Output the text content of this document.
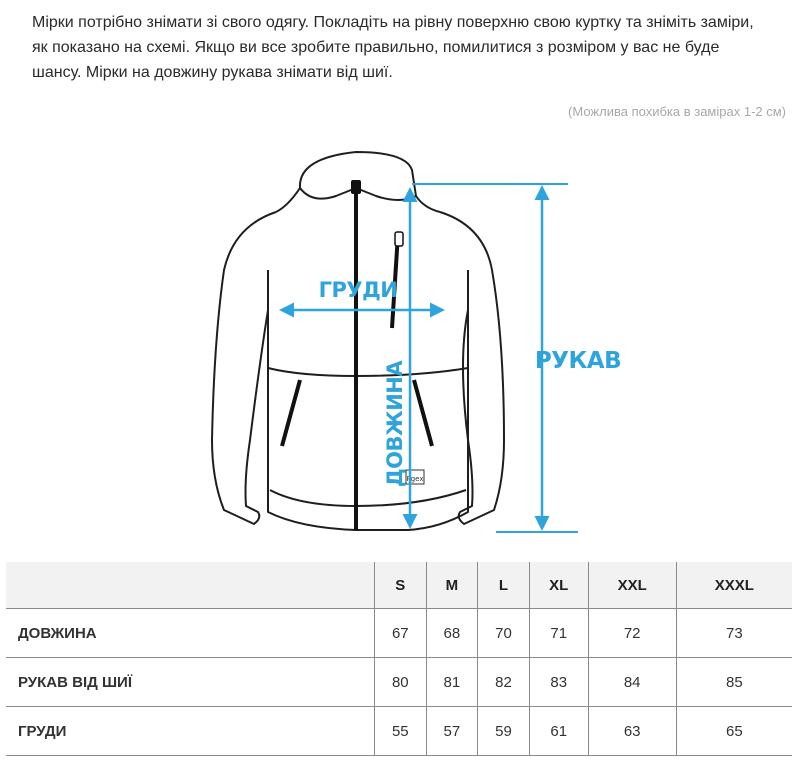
Мірки потрібно знімати зі свого одягу. Покладіть на рівну поверхню свою куртку та зніміть заміри, як показано на схемі. Якщо ви все зробите правильно, помилитися з розміром у вас не буде шансу. Мірки на довжину рукава знімати від шиї.

(Можлива похибка в замірах 1-2 см)
Pgex
ГРУДИ
ДОВЖИНА	РУКАВ
	S	M	L	XL	XXL	XXXL
ДОВЖИНА	67	68	70	71	72	73
РУКАВ ВІД ШИЇ	80	81	82	83	84	85
ГРУДИ	55	57	59	61	63	65
